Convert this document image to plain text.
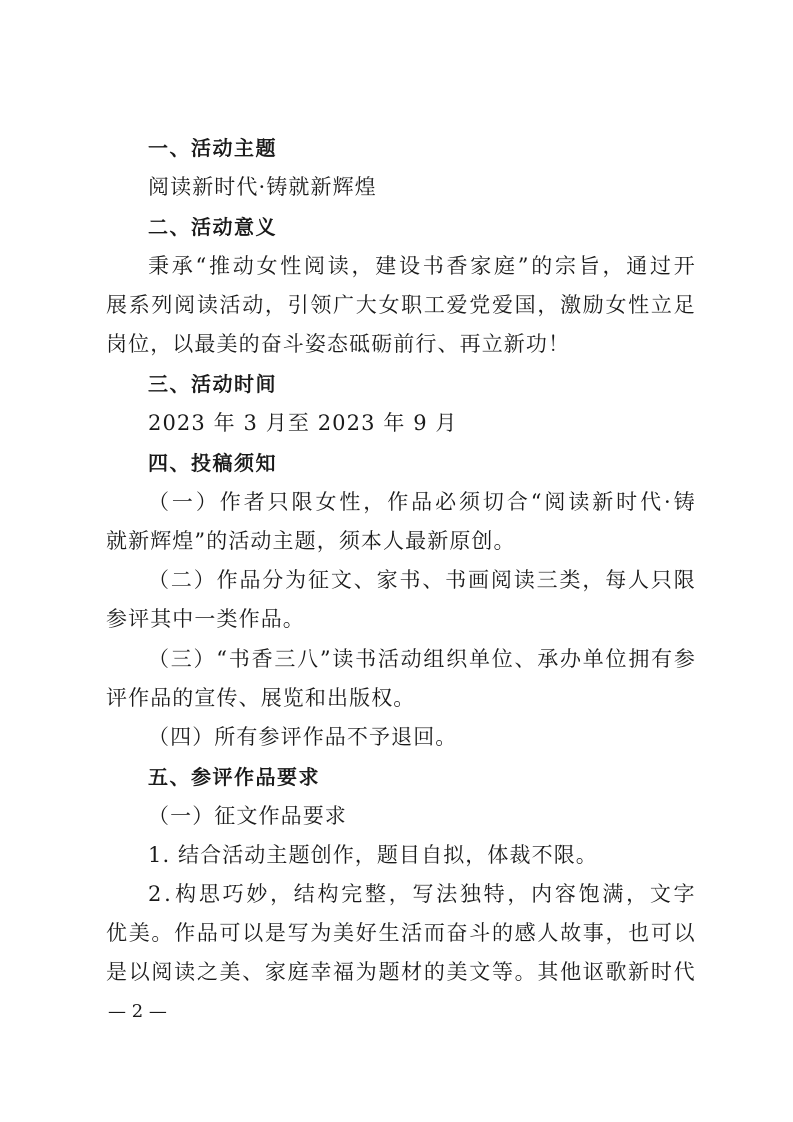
一、活动主题
阅读新时代·铸就新辉煌
二、活动意义
秉 承 “ 推 动 女 性 阅 读 ， 建 设 书 香 家 庭 ” 的 宗 旨 ， 通 过 开
展 系 列 阅 读 活 动 ， 引 领 广 大 女 职 工 爱 党 爱 国 ， 激 励 女 性 立 足
岗位，以最美的奋斗姿态砥砺前行、再立新功！
三、活动时间
2023 年 3 月至 2023 年 9 月
四、投稿须知
（ 一 ） 作 者 只 限 女 性 ， 作 品 必 须 切 合 “ 阅 读 新 时 代 · 铸
就新辉煌”的活动主题，须本人最新原创。
（ 二 ） 作 品 分 为 征 文 、 家 书 、 书 画 阅 读 三 类 ， 每 人 只 限
参评其中一类作品。
（ 三 ） “ 书 香 三 八 ” 读 书 活 动 组 织 单 位 、 承 办 单 位 拥 有 参
评作品的宣传、展览和出版权。
（四）所有参评作品不予退回。
五、参评作品要求
（一）征文作品要求
1. 结合活动主题创作，题目自拟，体裁不限。
2 . 构 思 巧 妙 ， 结 构 完 整 ， 写 法 独 特 ， 内 容 饱 满 ， 文 字
优 美 。 作 品 可 以 是 写 为 美 好 生 活 而 奋 斗 的 感 人 故 事 ， 也 可 以
是 以 阅 读 之 美 、 家 庭 幸 福 为 题 材 的 美 文 等 。 其 他 讴 歌 新 时 代
— 2 —
